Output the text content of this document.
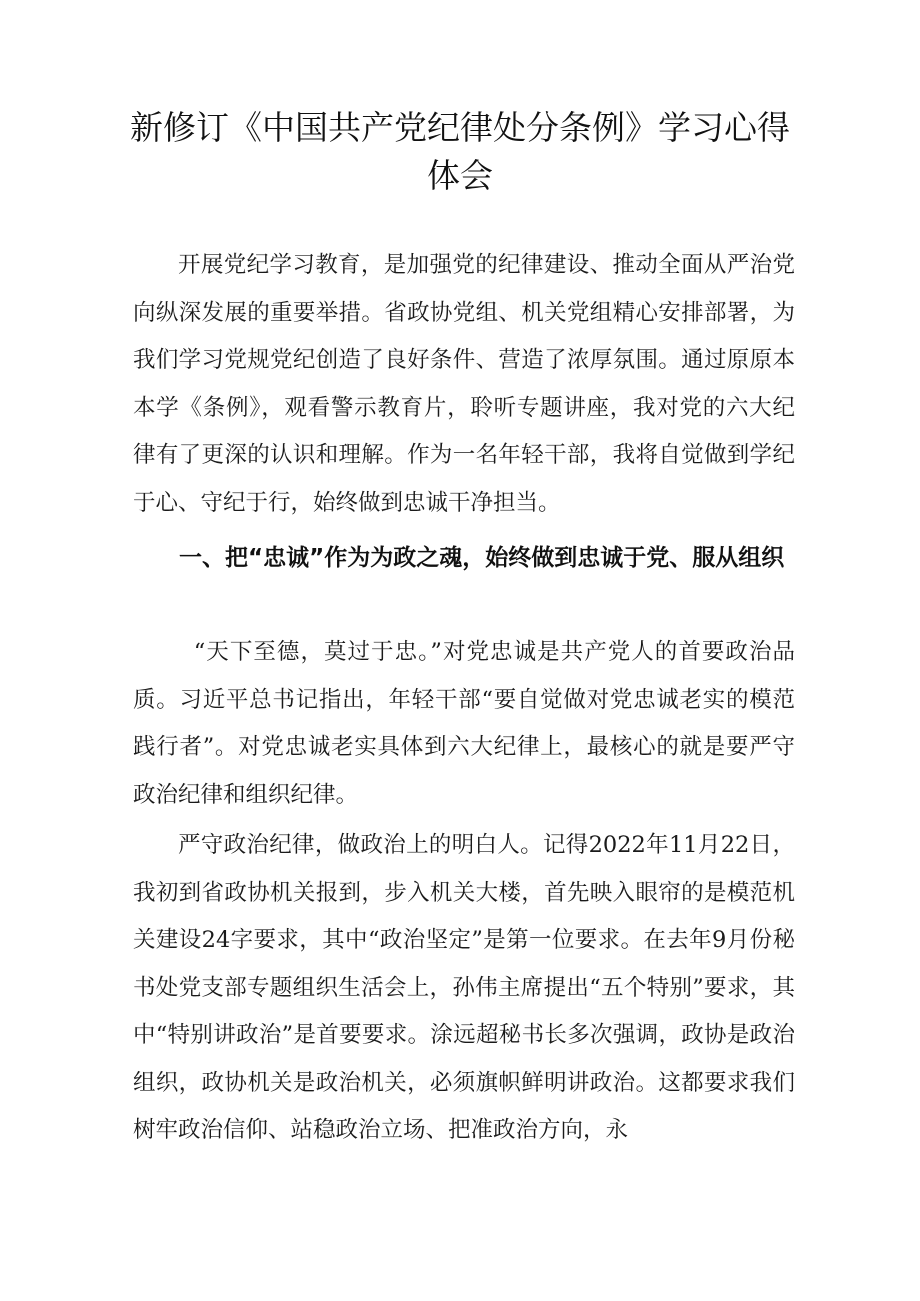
新修订《中国共产党纪律处分条例》学习心得体会

开展党纪学习教育，是加强党的纪律建设、推动全面从严治党向纵深发展的重要举措。省政协党组、机关党组精心安排部署，为我们学习党规党纪创造了良好条件、营造了浓厚氛围。通过原原本本学《条例》，观看警示教育片，聆听专题讲座，我对党的六大纪律有了更深的认识和理解。作为一名年轻干部，我将自觉做到学纪于心、守纪于行，始终做到忠诚干净担当。

一、把“忠诚”作为为政之魂，始终做到忠诚于党、服从组织

“天下至德，莫过于忠。”对党忠诚是共产党人的首要政治品质。习近平总书记指出，年轻干部“要自觉做对党忠诚老实的模范践行者”。对党忠诚老实具体到六大纪律上，最核心的就是要严守政治纪律和组织纪律。

严守政治纪律，做政治上的明白人。记得2022年11月22日，我初到省政协机关报到，步入机关大楼，首先映入眼帘的是模范机关建设24字要求，其中“政治坚定”是第一位要求。在去年9月份秘书处党支部专题组织生活会上，孙伟主席提出“五个特别”要求，其中“特别讲政治”是首要要求。涂远超秘书长多次强调，政协是政治组织，政协机关是政治机关，必须旗帜鲜明讲政治。这都要求我们树牢政治信仰、站稳政治立场、把准政治方向，永
